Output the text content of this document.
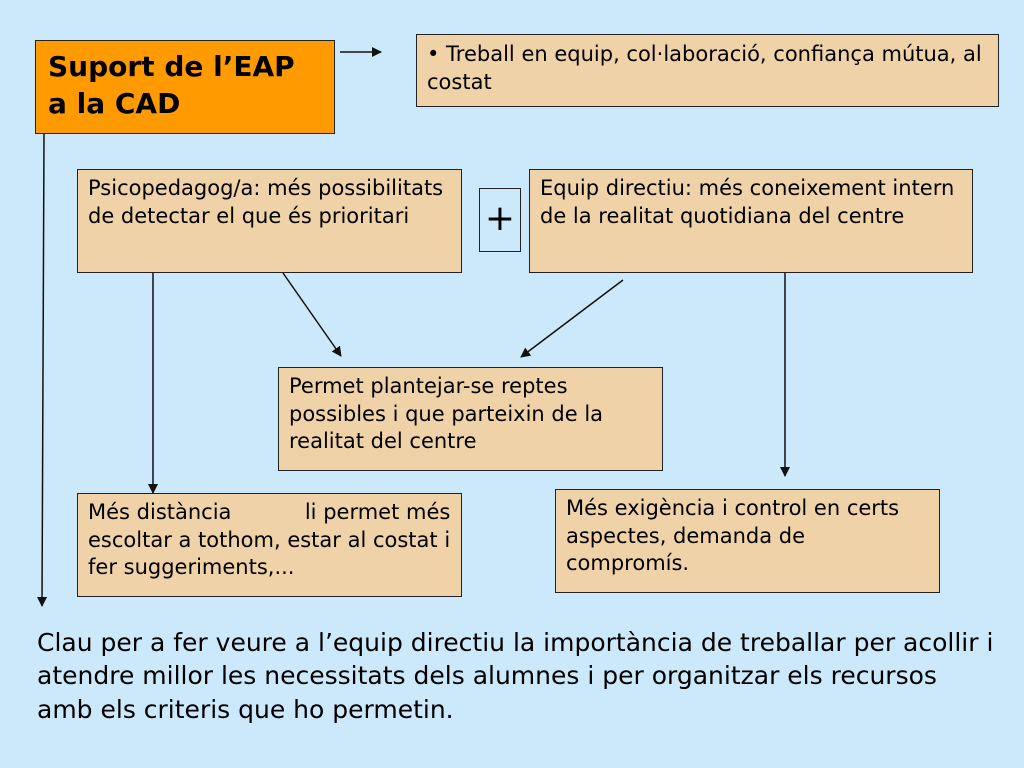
Suport de l’EAP
a la CAD
• Treball en equip, col·laboració, confiança mútua, al costat
Psicopedagog/a: més possibilitats de detectar el que és prioritari	+
Equip directiu: més coneixement intern de la realitat quotidiana del centre
Permet plantejar-se reptes possibles i que parteixin de la realitat del centre
Més distància           li permet més escoltar a tothom, estar al costat i fer suggeriments,...
Més exigència i control en certs aspectes, demanda de compromís.
Clau per a fer veure a l’equip directiu la importància de treballar per acollir i atendre millor les necessitats dels alumnes i per organitzar els recursos amb els criteris que ho permetin.
